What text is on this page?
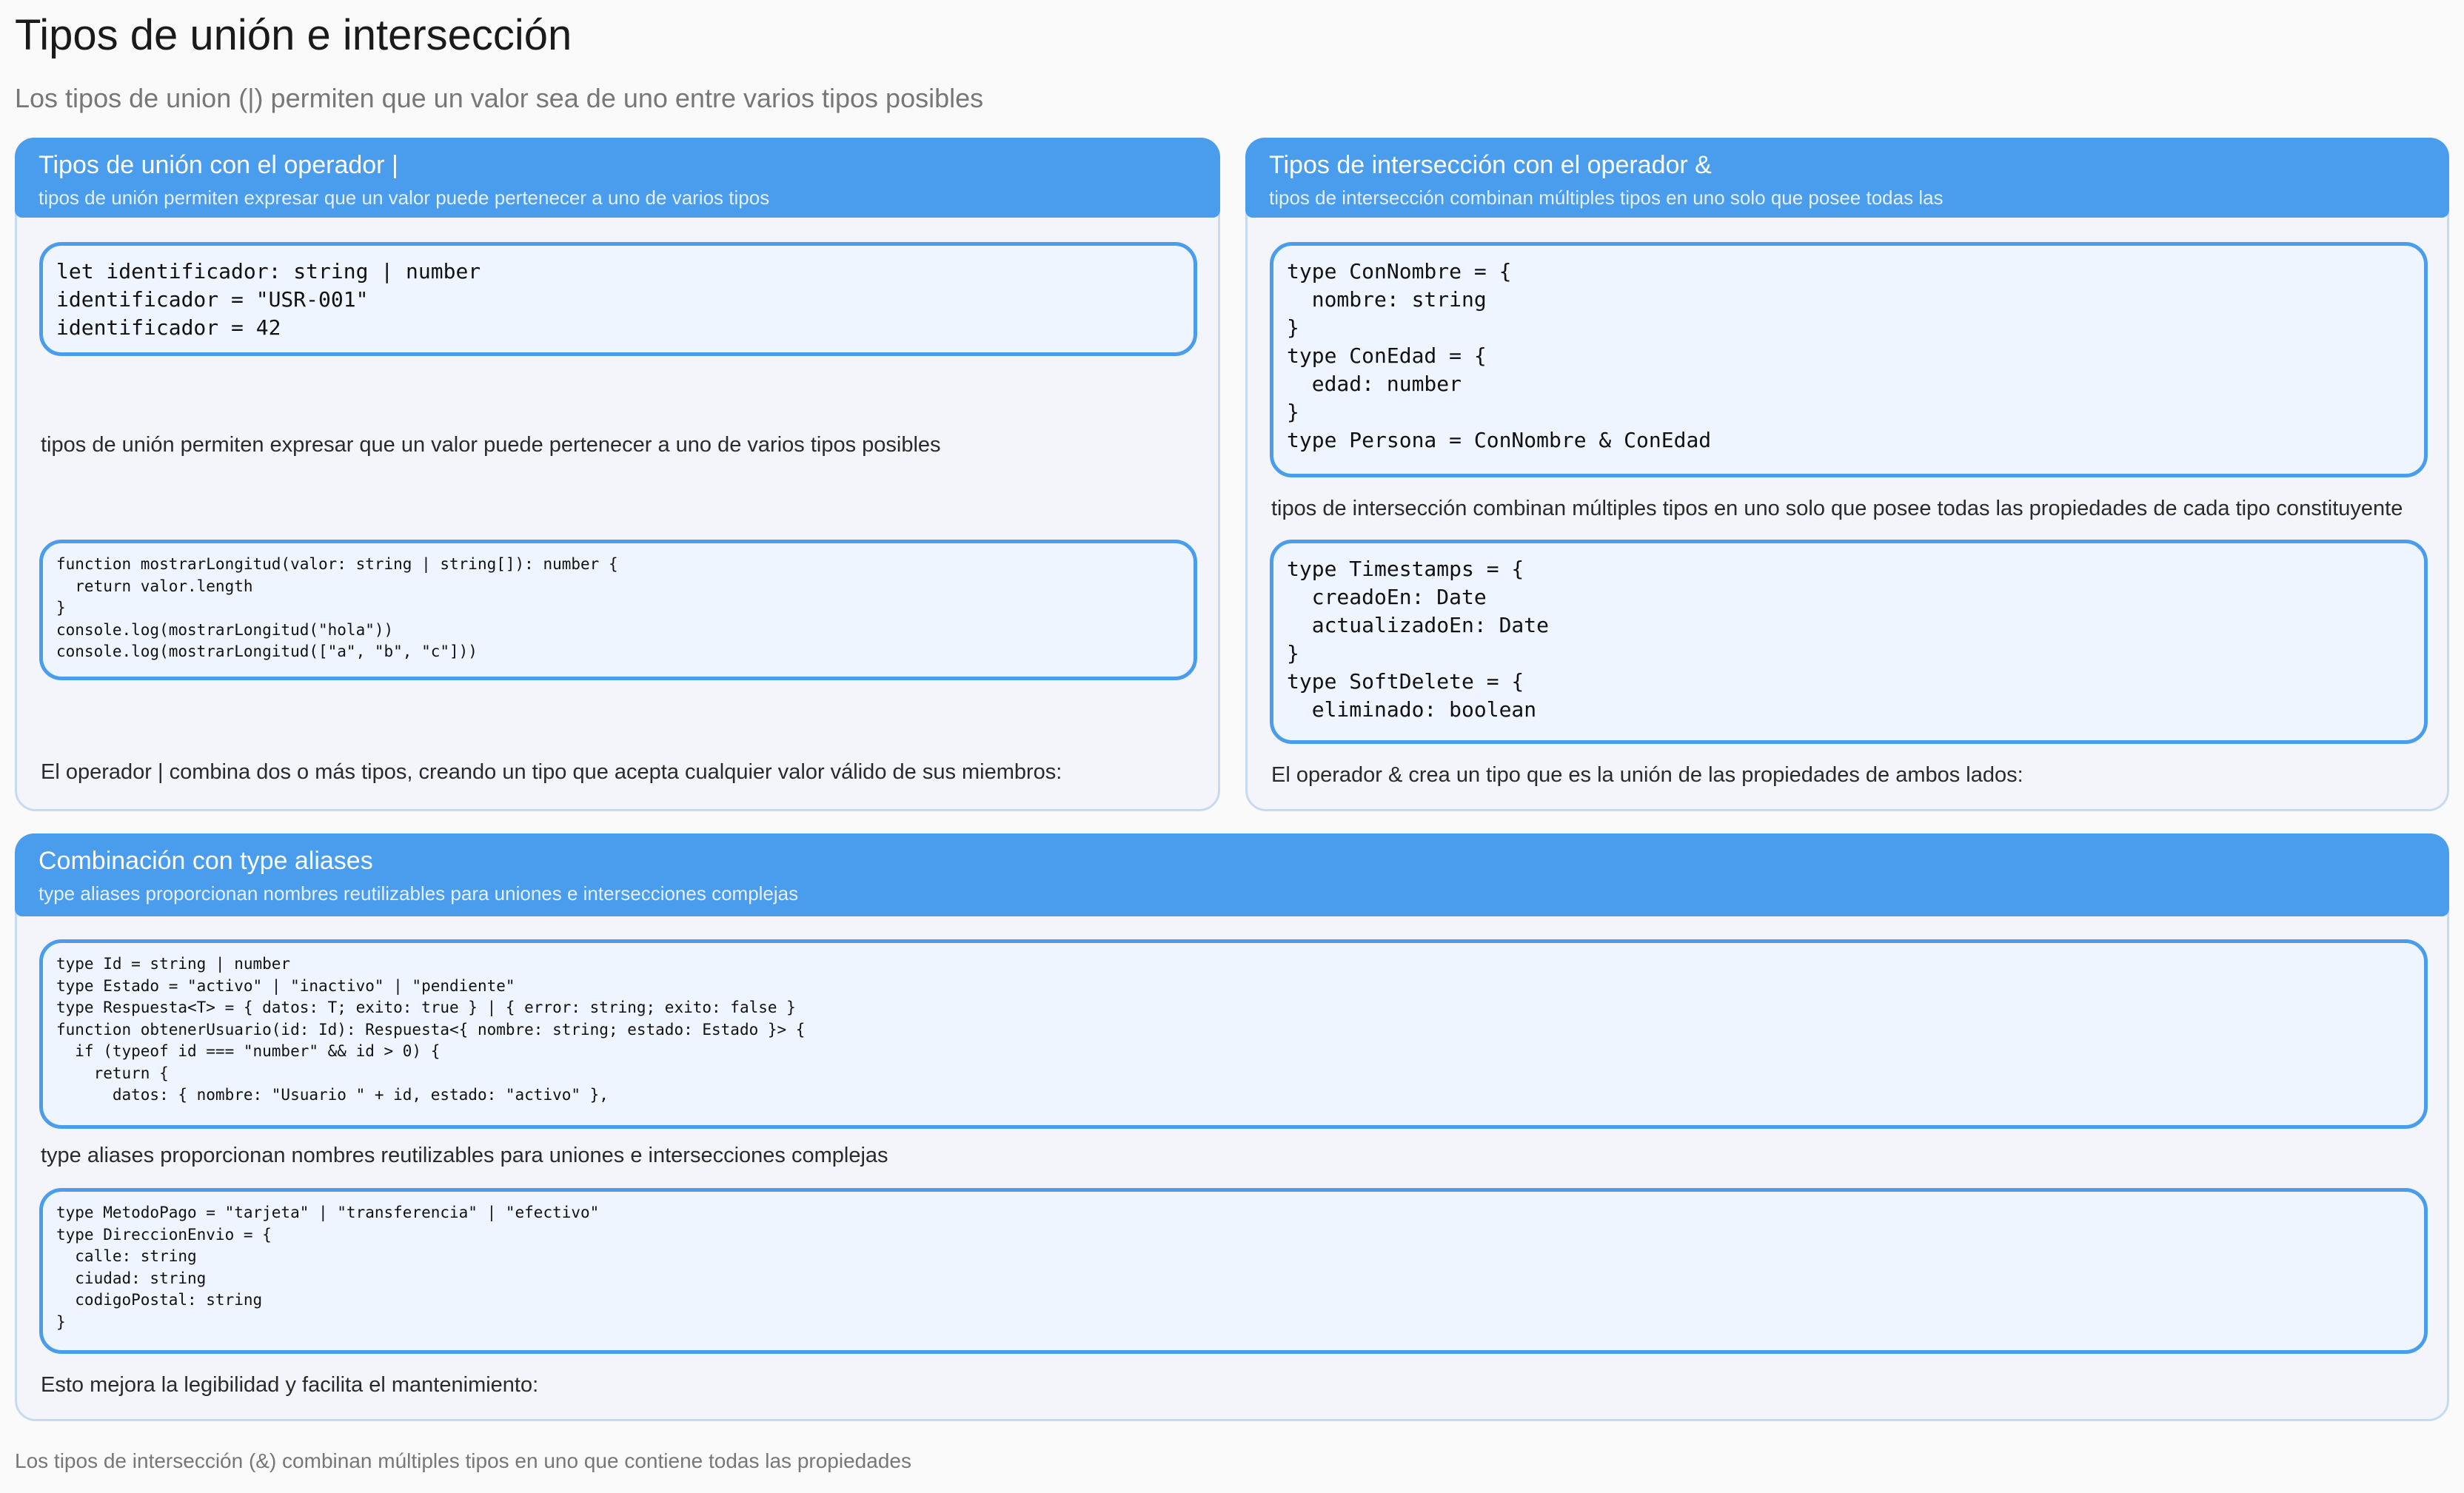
Tipos de unión e intersección

Los tipos de union (|) permiten que un valor sea de uno entre varios tipos posibles

Tipos de unión con el operador |
tipos de unión permiten expresar que un valor puede pertenecer a uno de varios tipos
let identificador: string | number
identificador = "USR-001"
identificador = 42

tipos de unión permiten expresar que un valor puede pertenecer a uno de varios tipos posibles

function mostrarLongitud(valor: string | string[]): number {
return valor.length
}
console.log(mostrarLongitud("hola"))
console.log(mostrarLongitud(["a", "b", "c"]))

El operador | combina dos o más tipos, creando un tipo que acepta cualquier valor válido de sus miembros:

Tipos de intersección con el operador &
tipos de intersección combinan múltiples tipos en uno solo que posee todas las
type ConNombre = {
nombre: string
}
type ConEdad = {
edad: number
}
type Persona = ConNombre & ConEdad

tipos de intersección combinan múltiples tipos en uno solo que posee todas las propiedades de cada tipo constituyente

type Timestamps = {
creadoEn: Date
actualizadoEn: Date
}
type SoftDelete = {
eliminado: boolean

El operador & crea un tipo que es la unión de las propiedades de ambos lados:

Combinación con type aliases
type aliases proporcionan nombres reutilizables para uniones e intersecciones complejas
type Id = string | number
type Estado = "activo" | "inactivo" | "pendiente"
type Respuesta<T> = { datos: T; exito: true } | { error: string; exito: false }
function obtenerUsuario(id: Id): Respuesta<{ nombre: string; estado: Estado }> {
if (typeof id === "number" && id > 0) {
return {
datos: { nombre: "Usuario " + id, estado: "activo" },

type aliases proporcionan nombres reutilizables para uniones e intersecciones complejas

type MetodoPago = "tarjeta" | "transferencia" | "efectivo"
type DireccionEnvio = {
calle: string
ciudad: string
codigoPostal: string
}

Esto mejora la legibilidad y facilita el mantenimiento:

Los tipos de intersección (&) combinan múltiples tipos en uno que contiene todas las propiedades
